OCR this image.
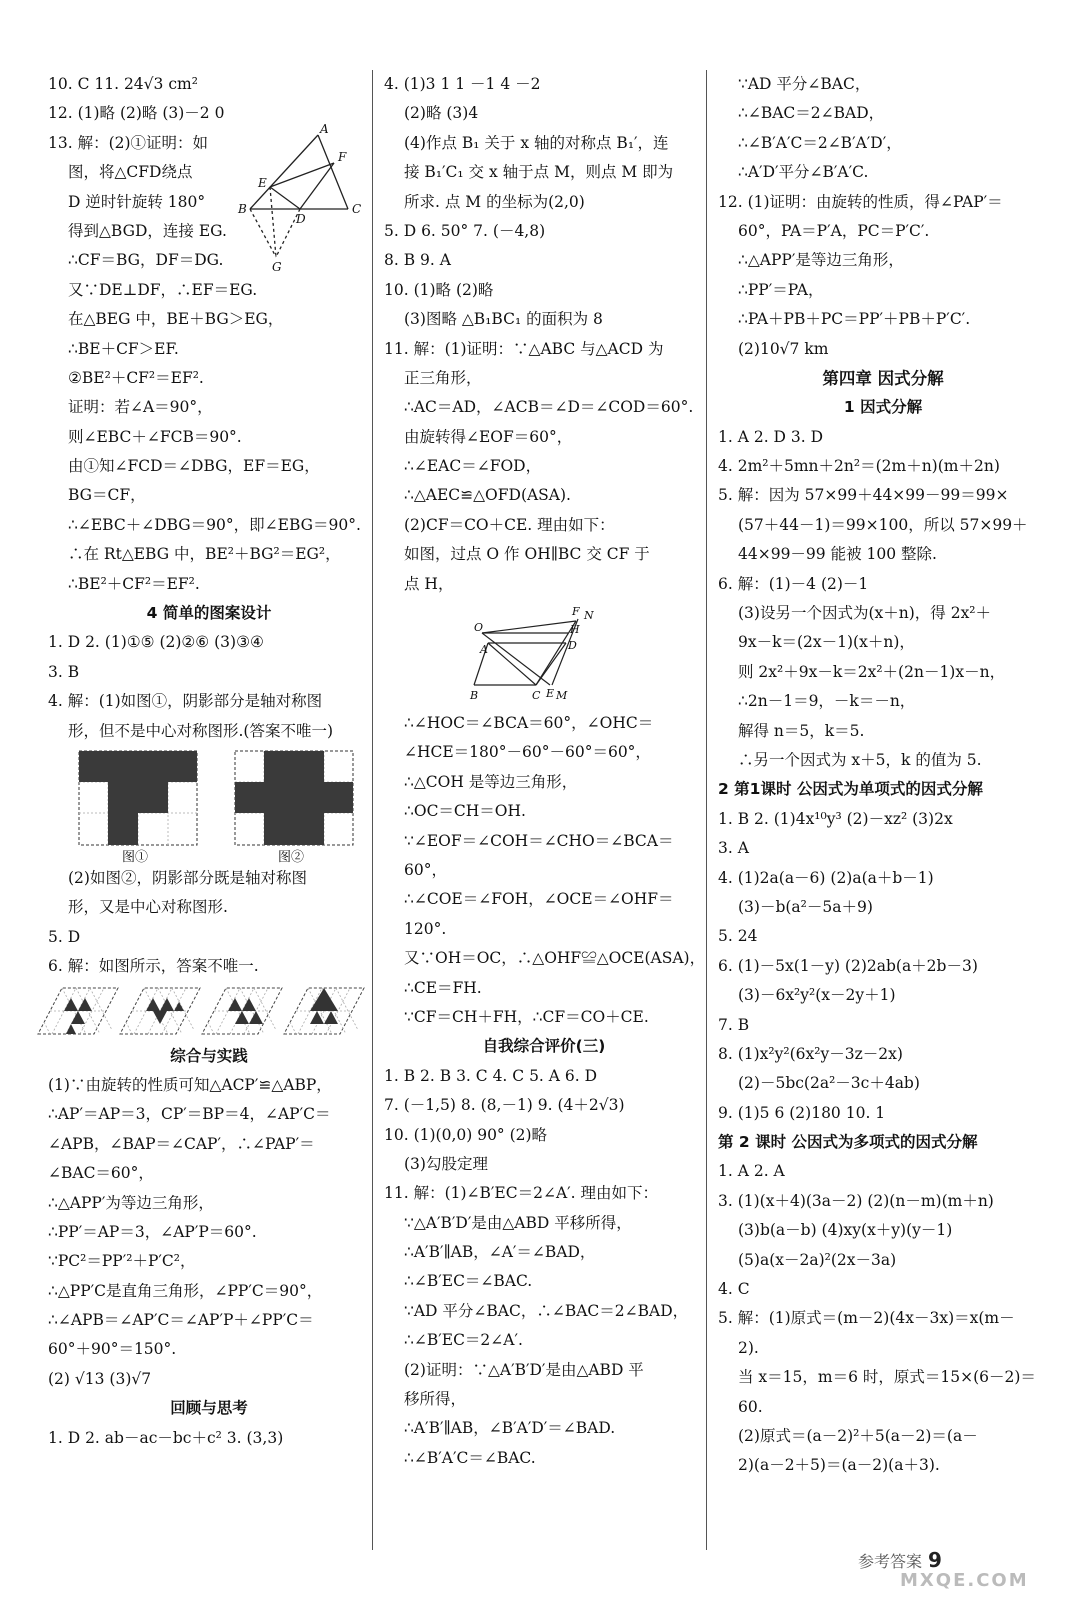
10. C 11. 24√3 cm²
12. (1)略 (2)略 (3)－2 0
A
F
E
B
D
C
G
13. 解：(2)①证明：如
图，将△CFD绕点
D 逆时针旋转 180°
得到△BGD，连接 EG.
∴CF＝BG，DF＝DG.
又∵DE⊥DF，∴EF＝EG.
在△BEG 中，BE＋BG＞EG，
∴BE＋CF＞EF.
②BE²＋CF²＝EF².
证明：若∠A＝90°，
则∠EBC＋∠FCB＝90°.
由①知∠FCD＝∠DBG，EF＝EG，
BG＝CF，
∴∠EBC＋∠DBG＝90°，即∠EBG＝90°.
∴在 Rt△EBG 中，BE²＋BG²＝EG²，
∴BE²＋CF²＝EF².
4 简单的图案设计
1. D 2. (1)①⑤ (2)②⑥ (3)③④
3. B
4. 解：(1)如图①，阴影部分是轴对称图
形，但不是中心对称图形.(答案不唯一)
图①	图②
(2)如图②，阴影部分既是轴对称图
形，又是中心对称图形.
5. D
6. 解：如图所示，答案不唯一.
综合与实践
(1)∵由旋转的性质可知△ACP′≌△ABP，
∴AP′＝AP＝3，CP′＝BP＝4，∠AP′C＝
∠APB，∠BAP＝∠CAP′，∴∠PAP′＝
∠BAC＝60°，
∴△APP′为等边三角形，
∴PP′＝AP＝3，∠AP′P＝60°.
∵PC²＝PP′²＋P′C²，
∴△PP′C是直角三角形，∠PP′C＝90°，
∴∠APB＝∠AP′C＝∠AP′P＋∠PP′C＝
60°＋90°＝150°.
(2) √13 (3)√7
回顾与思考
1. D 2. ab－ac－bc＋c² 3. (3,3)
4. (1)3 1 1 －1 4 －2
(2)略 (3)4
(4)作点 B₁ 关于 x 轴的对称点 B₁′，连
接 B₁′C₁ 交 x 轴于点 M，则点 M 即为
所求. 点 M 的坐标为(2,0)
5. D 6. 50° 7. (－4,8)
8. B 9. A
10. (1)略 (2)略
(3)图略 △B₁BC₁ 的面积为 8
11. 解：(1)证明：∵△ABC 与△ACD 为
正三角形，
∴AC＝AD，∠ACB＝∠D＝∠COD＝60°.
由旋转得∠EOF＝60°，
∴∠EAC＝∠FOD，
∴△AEC≌△OFD(ASA).
(2)CF＝CO＋CE. 理由如下：
如图，过点 O 作 OH∥BC 交 CF 于
点 H，
F N
O	H
A	D
B	C E M
∴∠HOC＝∠BCA＝60°，∠OHC＝
∠HCE＝180°－60°－60°＝60°，
∴△COH 是等边三角形，
∴OC＝CH＝OH.
∵∠EOF＝∠COH＝∠CHO＝∠BCA＝
60°，
∴∠COE＝∠FOH，∠OCE＝∠OHF＝
120°.
又∵OH＝OC，∴△OHF≌△OCE(ASA)，
∴CE＝FH.
∵CF＝CH＋FH，∴CF＝CO＋CE.
自我综合评价(三)
1. B 2. B 3. C 4. C 5. A 6. D
7. (－1,5) 8. (8,－1) 9. (4＋2√3)
10. (1)(0,0) 90° (2)略
(3)勾股定理
11. 解：(1)∠B′EC＝2∠A′. 理由如下：
∵△A′B′D′是由△ABD 平移所得，
∴A′B′∥AB，∠A′＝∠BAD，
∴∠B′EC＝∠BAC.
∵AD 平分∠BAC，∴∠BAC＝2∠BAD，
∴∠B′EC＝2∠A′.
(2)证明：∵△A′B′D′是由△ABD 平
移所得，
∴A′B′∥AB，∠B′A′D′＝∠BAD.
∴∠B′A′C＝∠BAC.
∵AD 平分∠BAC，
∴∠BAC＝2∠BAD，
∴∠B′A′C＝2∠B′A′D′，
∴A′D′平分∠B′A′C.
12. (1)证明：由旋转的性质，得∠PAP′＝
60°，PA＝P′A，PC＝P′C′.
∴△APP′是等边三角形，
∴PP′＝PA，
∴PA＋PB＋PC＝PP′＋PB＋P′C′.
(2)10√7 km
第四章 因式分解
1 因式分解
1. A 2. D 3. D
4. 2m²＋5mn＋2n²＝(2m＋n)(m＋2n)
5. 解：因为 57×99＋44×99－99＝99×
(57＋44－1)＝99×100，所以 57×99＋
44×99－99 能被 100 整除.
6. 解：(1)－4 (2)－1
(3)设另一个因式为(x＋n)，得 2x²＋
9x－k＝(2x－1)(x＋n)，
则 2x²＋9x－k＝2x²＋(2n－1)x－n，
∴2n－1＝9，－k＝－n，
解得 n＝5，k＝5.
∴另一个因式为 x＋5，k 的值为 5.
2 第1课时 公因式为单项式的因式分解
1. B 2. (1)4x¹⁰y³ (2)－xz² (3)2x
3. A
4. (1)2a(a－6) (2)a(a＋b－1)
(3)－b(a²－5a＋9)
5. 24
6. (1)－5x(1－y) (2)2ab(a＋2b－3)
(3)－6x²y²(x－2y＋1)
7. B
8. (1)x²y²(6x²y－3z－2x)
(2)－5bc(2a²－3c＋4ab)
9. (1)5 6 (2)180 10. 1
第 2 课时 公因式为多项式的因式分解
1. A 2. A
3. (1)(x＋4)(3a－2) (2)(n－m)(m＋n)
(3)b(a－b) (4)xy(x＋y)(y－1)
(5)a(x－2a)²(2x－3a)
4. C
5. 解：(1)原式＝(m－2)(4x－3x)＝x(m－
2).
当 x＝15，m＝6 时，原式＝15×(6－2)＝
60.
(2)原式＝(a－2)²＋5(a－2)＝(a－
2)(a－2＋5)＝(a－2)(a＋3).
参考答案 9
MXQE.COM
